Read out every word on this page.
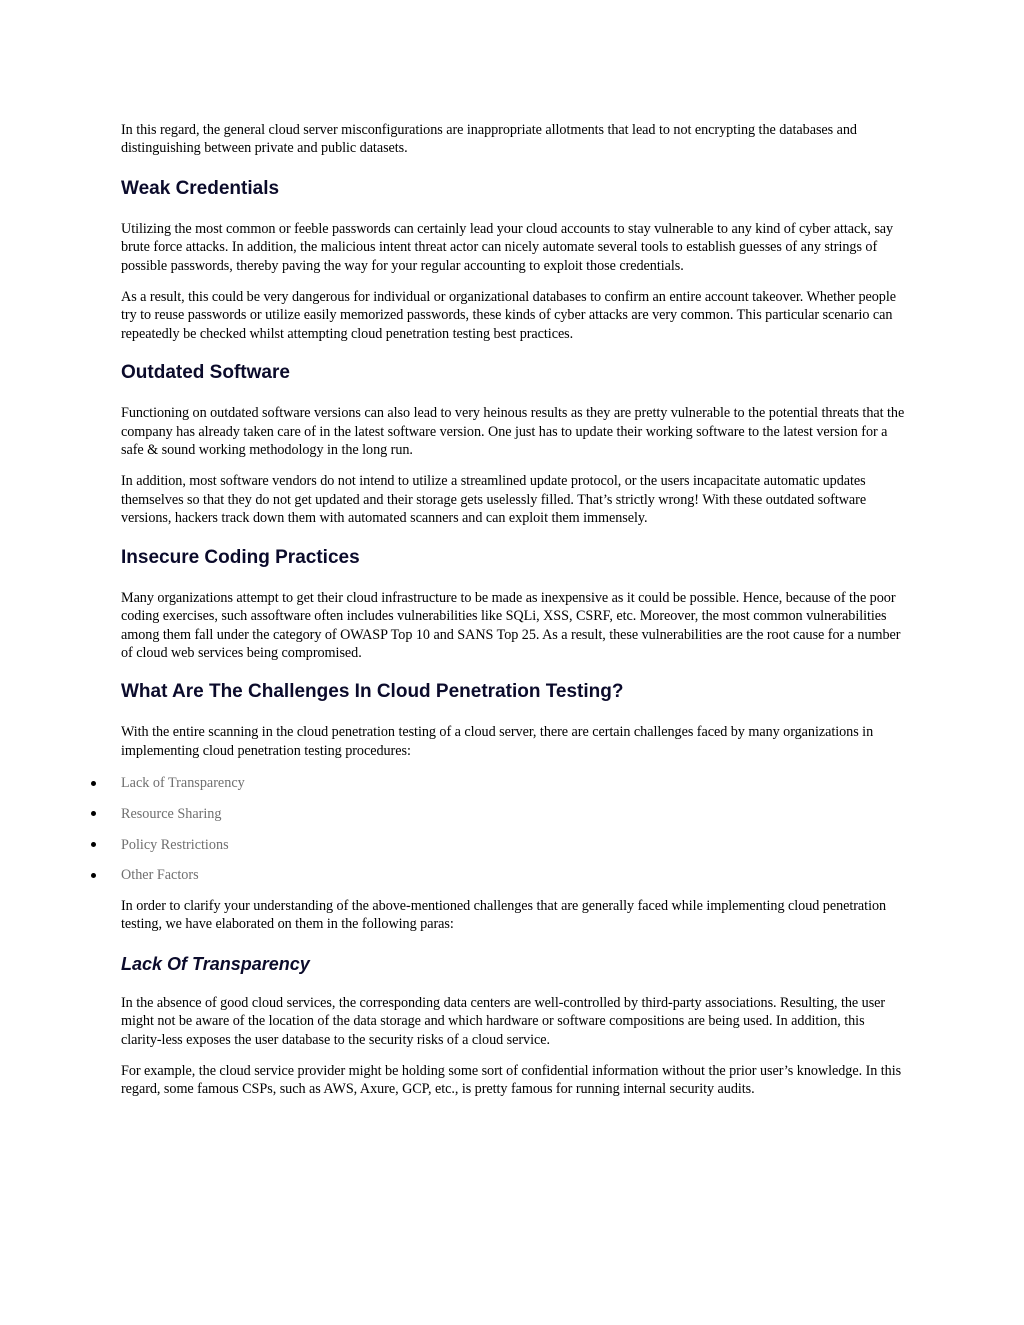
In this regard, the general cloud server misconfigurations are inappropriate allotments that lead to not encrypting the databases and distinguishing between private and public datasets.

Weak Credentials

Utilizing the most common or feeble passwords can certainly lead your cloud accounts to stay vulnerable to any kind of cyber attack, say brute force attacks. In addition, the malicious intent threat actor can nicely automate several tools to establish guesses of any strings of possible passwords, thereby paving the way for your regular accounting to exploit those credentials.

As a result, this could be very dangerous for individual or organizational databases to confirm an entire account takeover. Whether people try to reuse passwords or utilize easily memorized passwords, these kinds of cyber attacks are very common. This particular scenario can repeatedly be checked whilst attempting cloud penetration testing best practices.

Outdated Software

Functioning on outdated software versions can also lead to very heinous results as they are pretty vulnerable to the potential threats that the company has already taken care of in the latest software version. One just has to update their working software to the latest version for a safe & sound working methodology in the long run.

In addition, most software vendors do not intend to utilize a streamlined update protocol, or the users incapacitate automatic updates themselves so that they do not get updated and their storage gets uselessly filled. That’s strictly wrong! With these outdated software versions, hackers track down them with automated scanners and can exploit them immensely.

Insecure Coding Practices

Many organizations attempt to get their cloud infrastructure to be made as inexpensive as it could be possible. Hence, because of the poor coding exercises, such assoftware often includes vulnerabilities like SQLi, XSS, CSRF, etc. Moreover, the most common vulnerabilities among them fall under the category of OWASP Top 10 and SANS Top 25. As a result, these vulnerabilities are the root cause for a number of cloud web services being compromised.

What Are The Challenges In Cloud Penetration Testing?

With the entire scanning in the cloud penetration testing of a cloud server, there are certain challenges faced by many organizations in implementing cloud penetration testing procedures:

Lack of Transparency
Resource Sharing
Policy Restrictions
Other Factors

In order to clarify your understanding of the above-mentioned challenges that are generally faced while implementing cloud penetration testing, we have elaborated on them in the following paras:

Lack Of Transparency

In the absence of good cloud services, the corresponding data centers are well-controlled by third-party associations. Resulting, the user might not be aware of the location of the data storage and which hardware or software compositions are being used. In addition, this clarity-less exposes the user database to the security risks of a cloud service.

For example, the cloud service provider might be holding some sort of confidential information without the prior user’s knowledge. In this regard, some famous CSPs, such as AWS, Axure, GCP, etc., is pretty famous for running internal security audits.
